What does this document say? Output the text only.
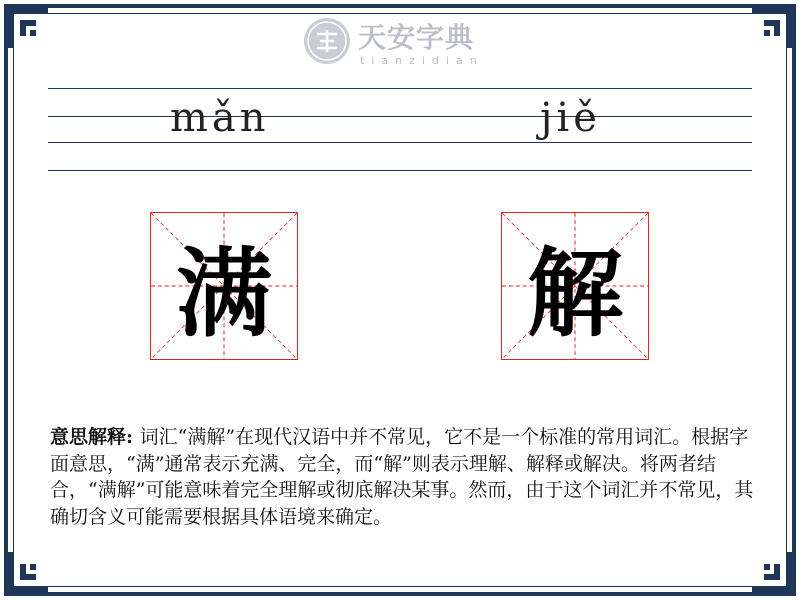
天安字典
tianzidian
mǎn	jiě
满	解
意思解释: 词汇“满解”在现代汉语中并不常见，它不是一个标准的常用词汇。根据字面意思，“满”通常表示充满、完全，而“解”则表示理解、解释或解决。将两者结合，“满解”可能意味着完全理解或彻底解决某事。然而，由于这个词汇并不常见，其确切含义可能需要根据具体语境来确定。
